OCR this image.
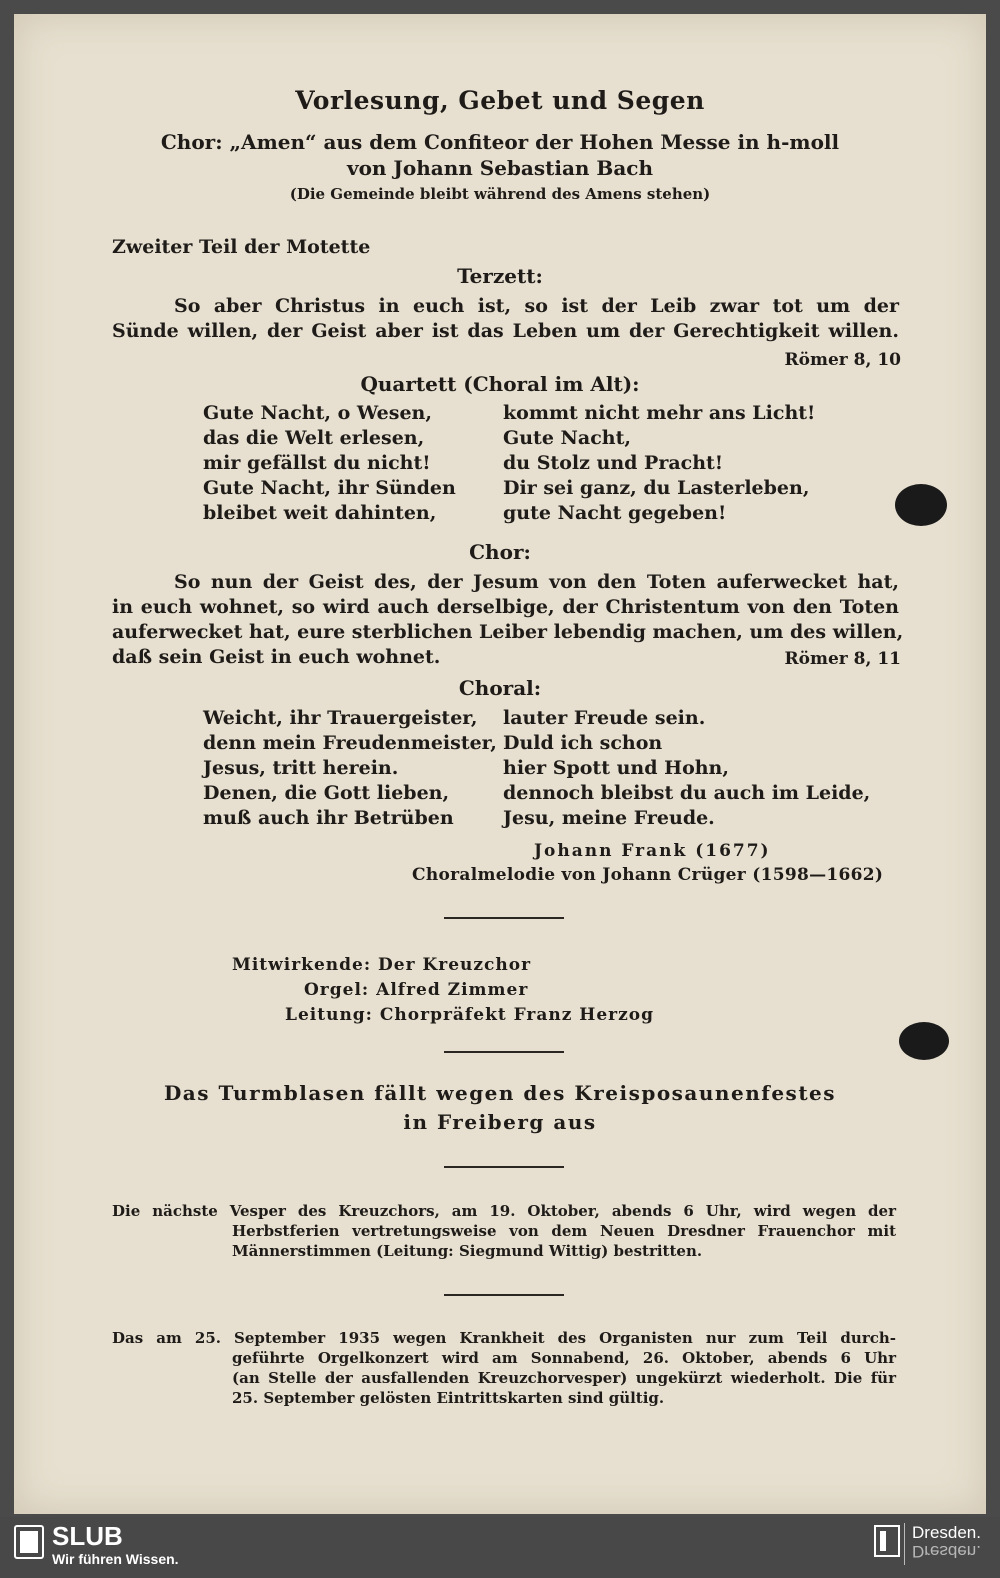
Vorlesung, Gebet und Segen
Chor: „Amen“ aus dem Confiteor der Hohen Messe in h-moll
von Johann Sebastian Bach
(Die Gemeinde bleibt während des Amens stehen)
Zweiter Teil der Motette
Terzett:
So aber Christus in euch ist, so ist der Leib zwar tot um der
Sünde willen, der Geist aber ist das Leben um der Gerechtigkeit willen.
Römer 8, 10
Quartett (Choral im Alt):
Gute Nacht, o Wesen,
das die Welt erlesen,
mir gefällst du nicht!
Gute Nacht, ihr Sünden
bleibet weit dahinten,
kommt nicht mehr ans Licht!
Gute Nacht,
du Stolz und Pracht!
Dir sei ganz, du Lasterleben,
gute Nacht gegeben!
Chor:
So nun der Geist des, der Jesum von den Toten auferwecket hat,
in euch wohnet, so wird auch derselbige, der Christentum von den Toten
auferwecket hat, eure sterblichen Leiber lebendig machen, um des willen,
daß sein Geist in euch wohnet.	Römer 8, 11
Choral:
Weicht, ihr Trauergeister,
denn mein Freudenmeister,
Jesus, tritt herein.
Denen, die Gott lieben,
muß auch ihr Betrüben
lauter Freude sein.
Duld ich schon
hier Spott und Hohn,
dennoch bleibst du auch im Leide,
Jesu, meine Freude.
Johann Frank (1677)
Choralmelodie von Johann Crüger (1598—1662)
Mitwirkende: Der Kreuzchor
Orgel: Alfred Zimmer
Leitung: Chorpräfekt Franz Herzog
Das Turmblasen fällt wegen des Kreisposaunenfestes
in Freiberg aus
Die nächste Vesper des Kreuzchors, am 19. Oktober, abends 6 Uhr, wird wegen der
Herbstferien vertretungsweise von dem Neuen Dresdner Frauenchor mit
Männerstimmen (Leitung: Siegmund Wittig) bestritten.
Das am 25. September 1935 wegen Krankheit des Organisten nur zum Teil durch-
geführte Orgelkonzert wird am Sonnabend, 26. Oktober, abends 6 Uhr
(an Stelle der ausfallenden Kreuzchorvesper) ungekürzt wiederholt. Die für
25. September gelösten Eintrittskarten sind gültig.
SLUB
Wir führen Wissen.
Dresden.
Dresden.
